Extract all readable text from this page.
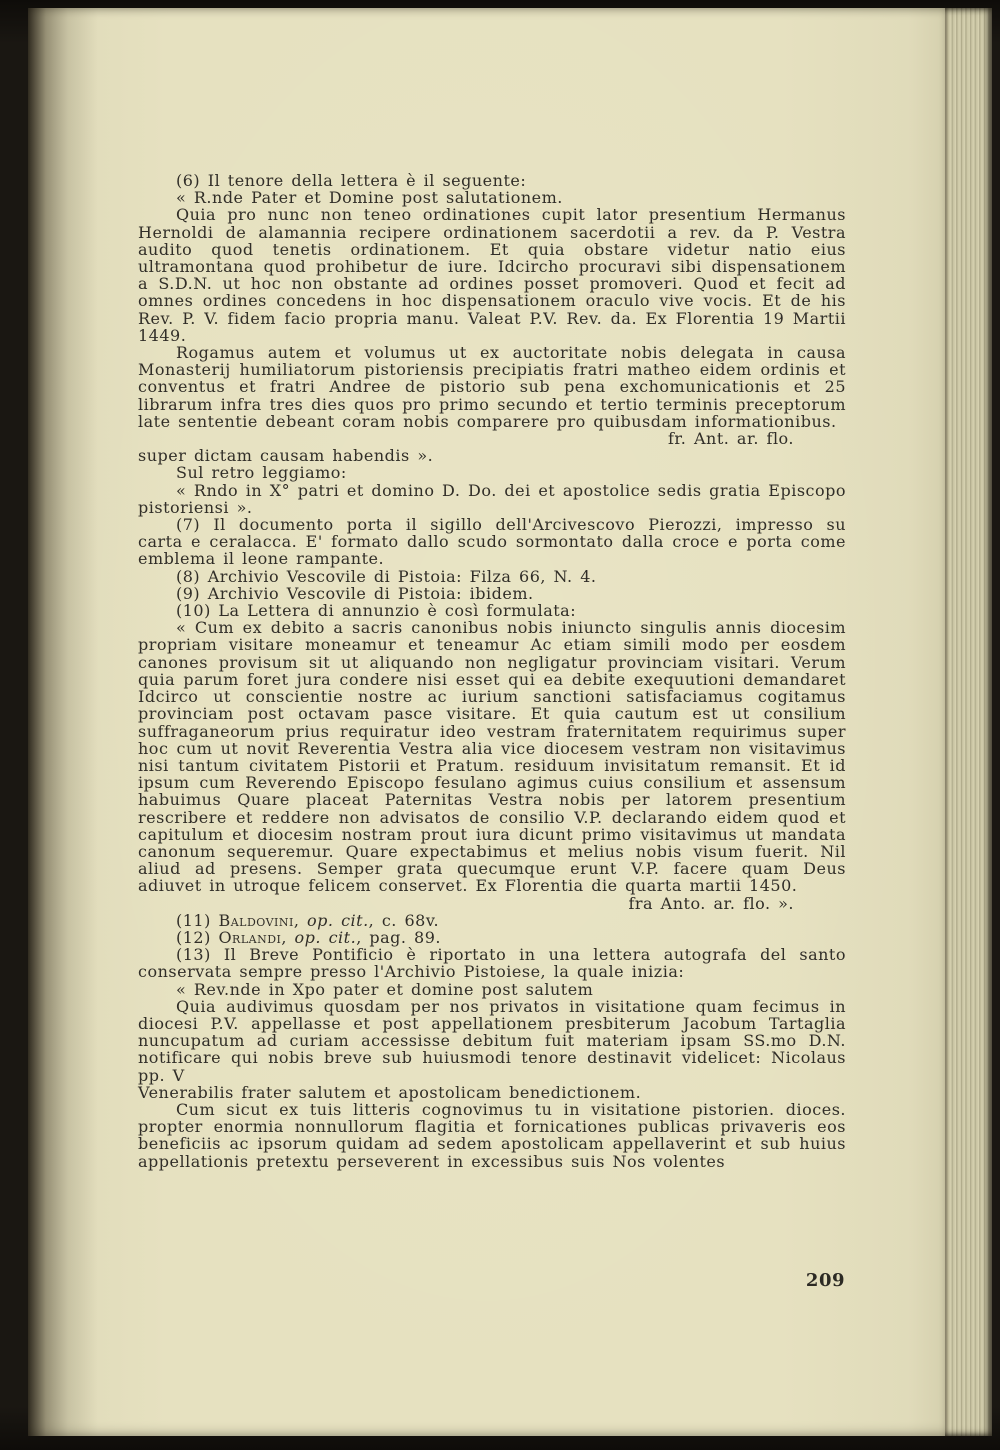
(6) Il tenore della lettera è il seguente:

« R.nde Pater et Domine post salutationem.

Quia pro nunc non teneo ordinationes cupit lator presentium Hermanus Hernoldi de alamannia recipere ordinationem sacerdotii a rev. da P. Vestra audito quod tenetis ordinationem. Et quia obstare videtur natio eius ultramontana quod prohibetur de iure. Idcircho procuravi sibi dispensationem a S.D.N. ut hoc non obstante ad ordines posset promoveri. Quod et fecit ad omnes ordines concedens in hoc dispensationem oraculo vive vocis. Et de his Rev. P. V. fidem facio propria manu. Valeat P.V. Rev. da. Ex Florentia 19 Martii 1449.

Rogamus autem et volumus ut ex auctoritate nobis delegata in causa Monasterij humiliatorum pistoriensis precipiatis fratri matheo eidem ordinis et conventus et fratri Andree de pistorio sub pena exchomunicationis et 25 librarum infra tres dies quos pro primo secundo et tertio terminis preceptorum late sententie debeant coram nobis comparere pro quibusdam informationibus.

fr. Ant. ar. flo.

super dictam causam habendis ».

Sul retro leggiamo:

« Rndo in X° patri et domino D. Do. dei et apostolice sedis gratia Episcopo pistoriensi ».

(7) Il documento porta il sigillo dell'Arcivescovo Pierozzi, impresso su carta e ceralacca. E' formato dallo scudo sormontato dalla croce e porta come emblema il leone rampante.

(8) Archivio Vescovile di Pistoia: Filza 66, N. 4.

(9) Archivio Vescovile di Pistoia: ibidem.

(10) La Lettera di annunzio è così formulata:

« Cum ex debito a sacris canonibus nobis iniuncto singulis annis diocesim propriam visitare moneamur et teneamur Ac etiam simili modo per eosdem canones provisum sit ut aliquando non negligatur provinciam visitari. Verum quia parum foret jura condere nisi esset qui ea debite exequutioni demandaret Idcirco ut conscientie nostre ac iurium sanctioni satisfaciamus cogitamus provinciam post octavam pasce visitare. Et quia cautum est ut consilium suffraganeorum prius requiratur ideo vestram fraternitatem requirimus super hoc cum ut novit Reverentia Vestra alia vice diocesem vestram non visitavimus nisi tantum civitatem Pistorii et Pratum. residuum invisitatum remansit. Et id ipsum cum Reverendo Episcopo fesulano agimus cuius consilium et assensum habuimus Quare placeat Paternitas Vestra nobis per latorem presentium rescribere et reddere non advisatos de consilio V.P. declarando eidem quod et capitulum et diocesim nostram prout iura dicunt primo visitavimus ut mandata canonum sequeremur. Quare expectabimus et melius nobis visum fuerit. Nil aliud ad presens. Semper grata quecumque erunt V.P. facere quam Deus adiuvet in utroque felicem conservet. Ex Florentia die quarta martii 1450.

fra Anto. ar. flo. ».

(11) Baldovini, op. cit., c. 68v.

(12) Orlandi, op. cit., pag. 89.

(13) Il Breve Pontificio è riportato in una lettera autografa del santo conservata sempre presso l'Archivio Pistoiese, la quale inizia:

« Rev.nde in Xpo pater et domine post salutem

Quia audivimus quosdam per nos privatos in visitatione quam fecimus in diocesi P.V. appellasse et post appellationem presbiterum Jacobum Tartaglia nuncupatum ad curiam accessisse debitum fuit materiam ipsam SS.mo D.N. notificare qui nobis breve sub huiusmodi tenore destinavit videlicet: Nicolaus pp. V

Venerabilis frater salutem et apostolicam benedictionem.

Cum sicut ex tuis litteris cognovimus tu in visitatione pistorien. dioces. propter enormia nonnullorum flagitia et fornicationes publicas privaveris eos beneficiis ac ipsorum quidam ad sedem apostolicam appellaverint et sub huius appellationis pretextu perseverent in excessibus suis Nos volentes

209
